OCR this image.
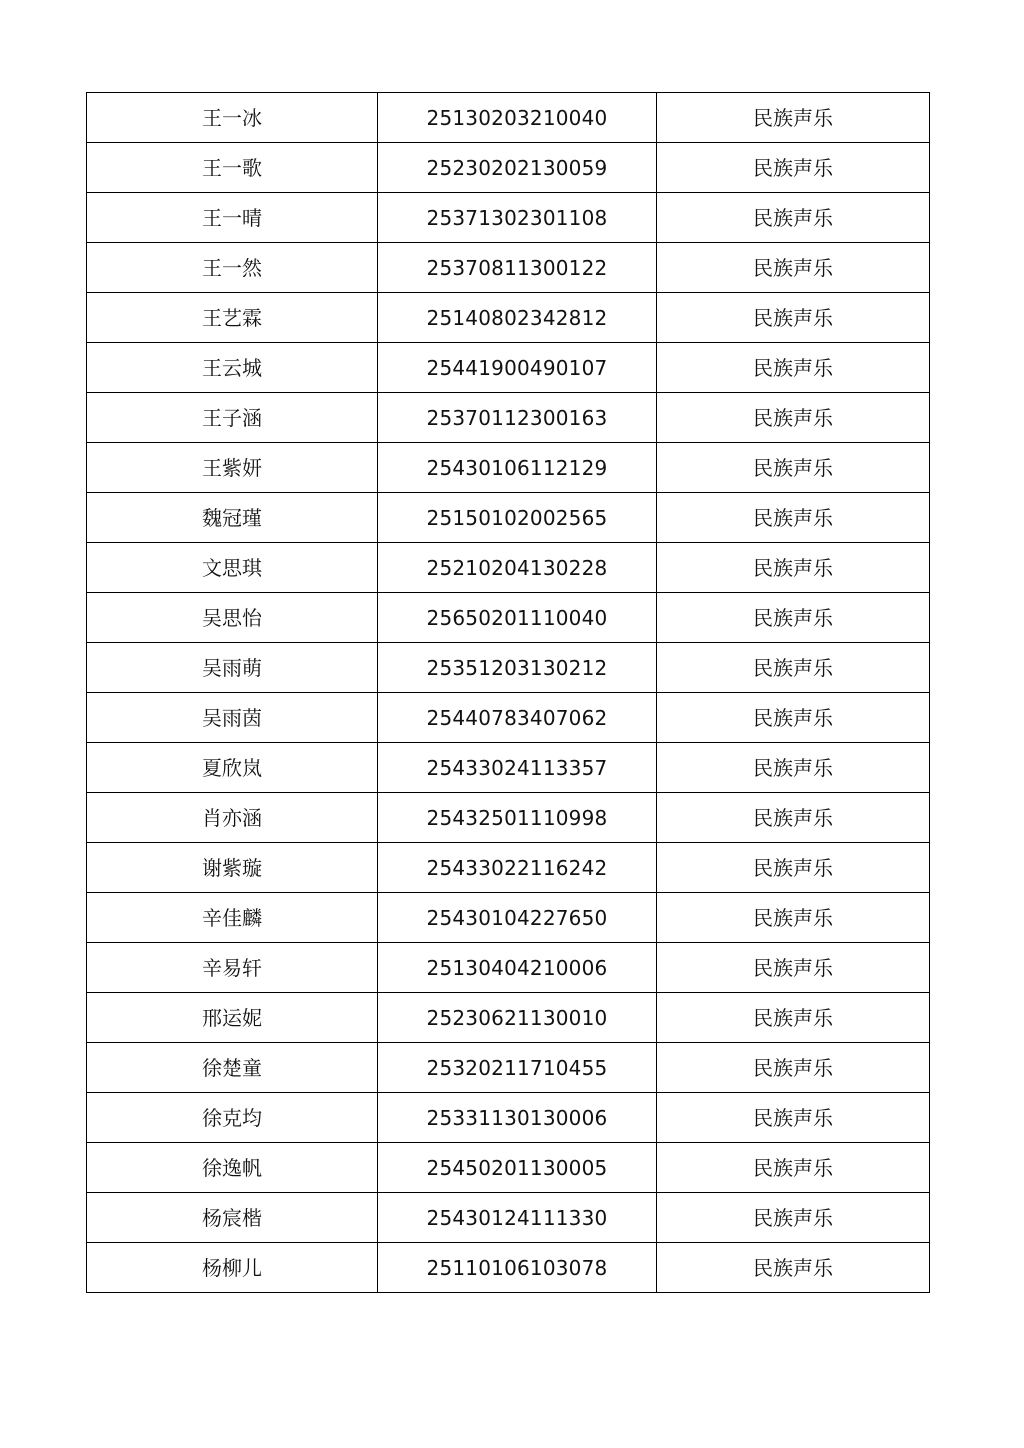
王一冰	25130203210040	民族声乐
王一歌	25230202130059	民族声乐
王一晴	25371302301108	民族声乐
王一然	25370811300122	民族声乐
王艺霖	25140802342812	民族声乐
王云城	25441900490107	民族声乐
王子涵	25370112300163	民族声乐
王紫妍	25430106112129	民族声乐
魏冠瑾	25150102002565	民族声乐
文思琪	25210204130228	民族声乐
吴思怡	25650201110040	民族声乐
吴雨萌	25351203130212	民族声乐
吴雨茵	25440783407062	民族声乐
夏欣岚	25433024113357	民族声乐
肖亦涵	25432501110998	民族声乐
谢紫璇	25433022116242	民族声乐
辛佳麟	25430104227650	民族声乐
辛易轩	25130404210006	民族声乐
邢运妮	25230621130010	民族声乐
徐楚童	25320211710455	民族声乐
徐克均	25331130130006	民族声乐
徐逸帆	25450201130005	民族声乐
杨宸楷	25430124111330	民族声乐
杨柳儿	25110106103078	民族声乐
